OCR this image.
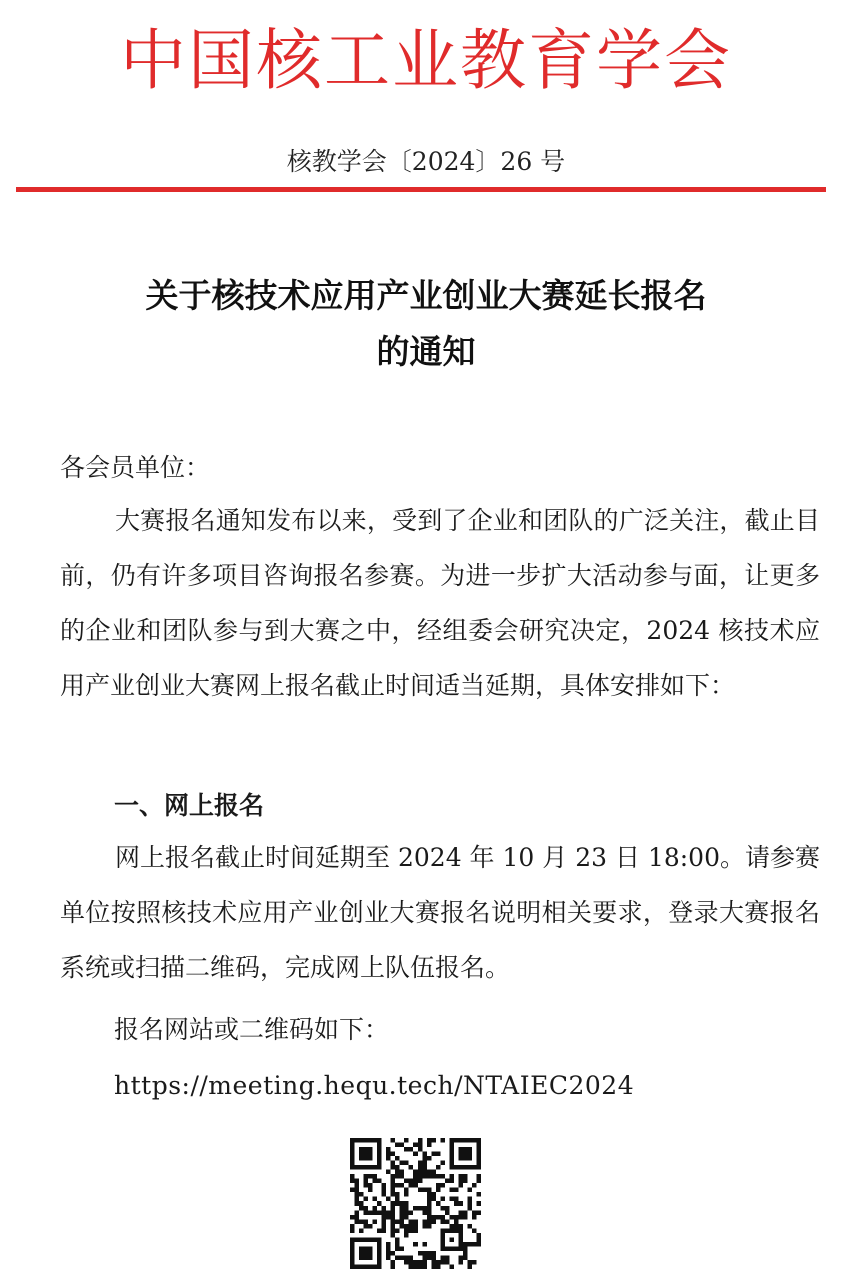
中国核工业教育学会
核教学会〔2024〕26 号
关于核技术应用产业创业大赛延长报名
的通知
各会员单位：
大赛报名通知发布以来，受到了企业和团队的广泛关注，截止目前，仍有许多项目咨询报名参赛。为进一步扩大活动参与面，让更多的企业和团队参与到大赛之中，经组委会研究决定，2024 核技术应用产业创业大赛网上报名截止时间适当延期，具体安排如下：
一、网上报名
网上报名截止时间延期至 2024 年 10 月 23 日 18:00。请参赛单位按照核技术应用产业创业大赛报名说明相关要求，登录大赛报名系统或扫描二维码，完成网上队伍报名。
报名网站或二维码如下：
https://meeting.hequ.tech/NTAIEC2024
